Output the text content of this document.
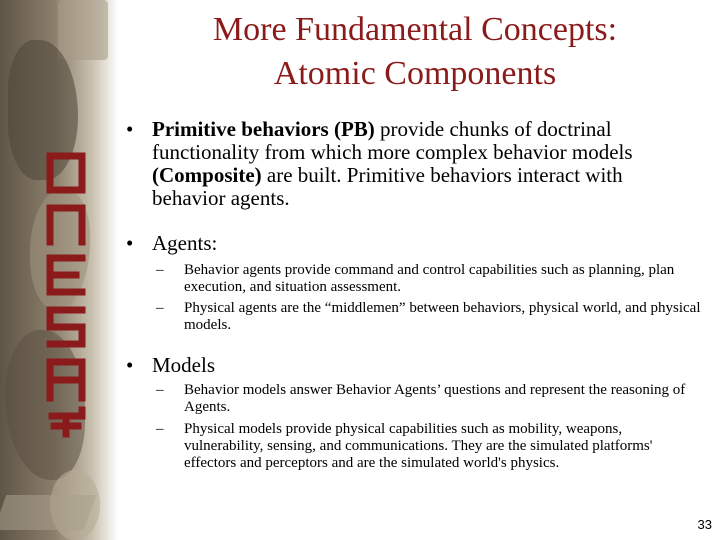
More Fundamental Concepts:
Atomic Components
• Primitive behaviors (PB) provide chunks of doctrinal functionality from which more complex behavior models (Composite) are built. Primitive behaviors interact with behavior agents.
• Agents:
– Behavior agents provide command and control capabilities such as planning, plan execution, and situation assessment.
– Physical agents are the “middlemen” between behaviors, physical world, and physical models.
• Models
– Behavior models answer Behavior Agents’ questions and represent the reasoning of Agents.
– Physical models provide physical capabilities such as mobility, weapons, vulnerability, sensing, and communications. They are the simulated platforms' effectors and perceptors and are the simulated world's physics.
33
